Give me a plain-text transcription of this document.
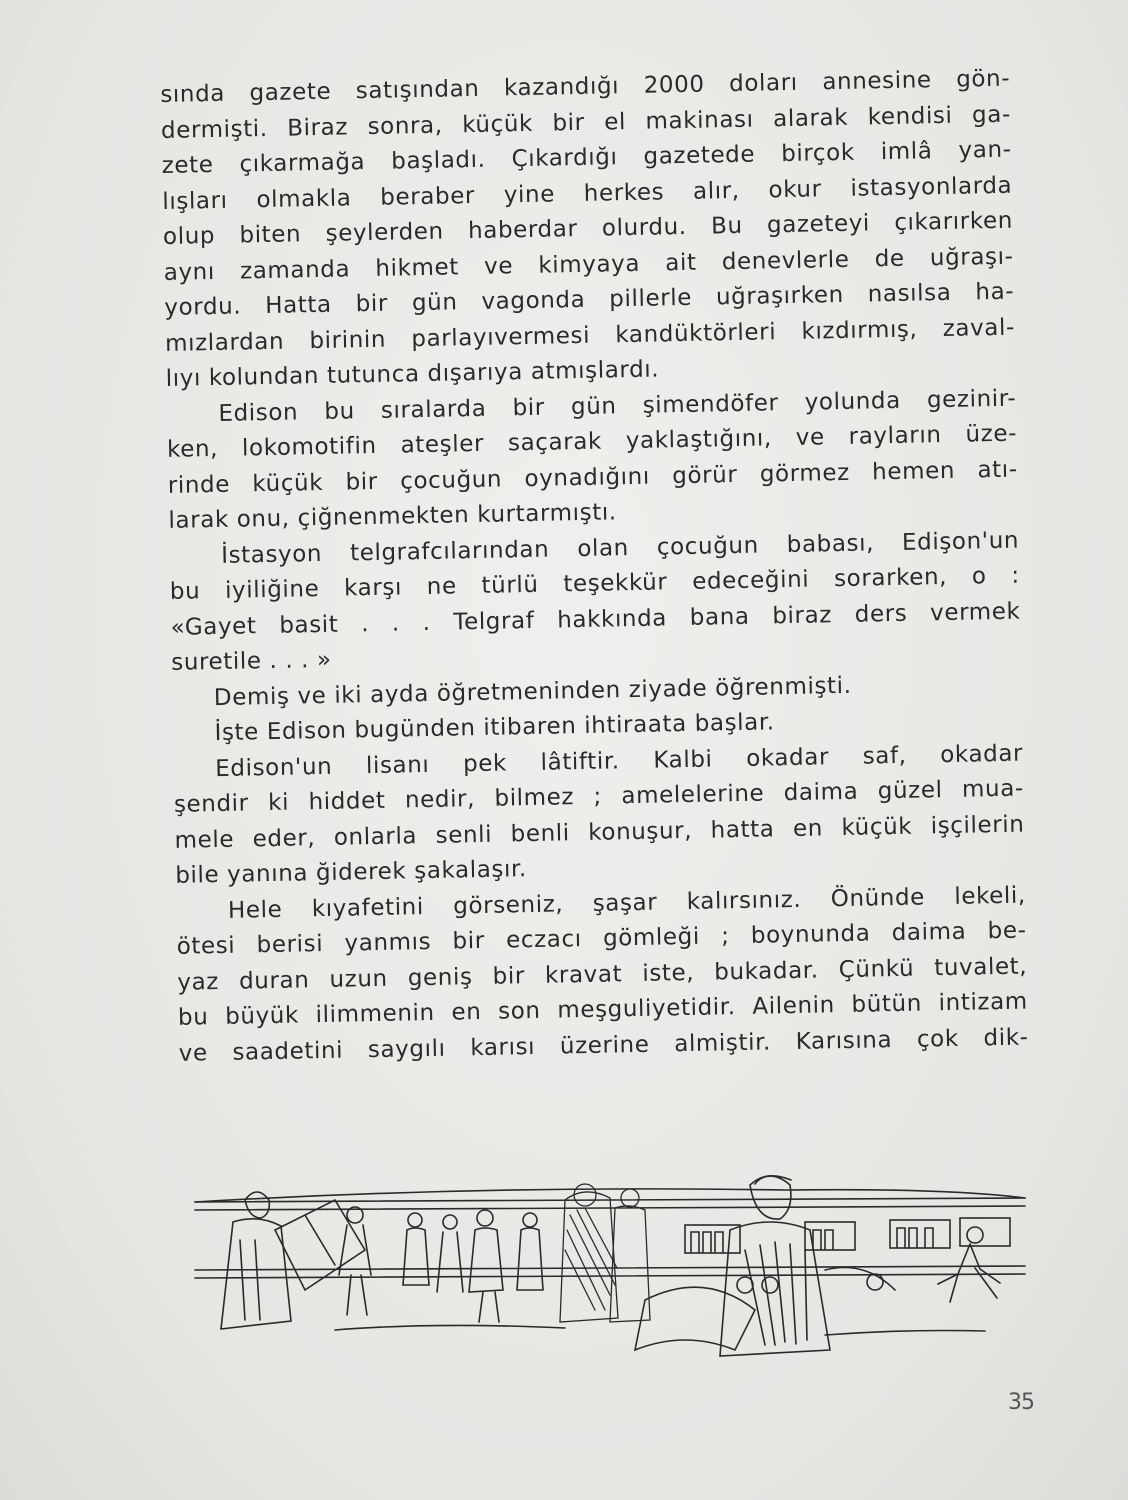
sında gazete satışından kazandığı 2000 doları annesine gön-
dermişti. Biraz sonra, küçük bir el makinası alarak kendisi ga-
zete çıkarmağa başladı. Çıkardığı gazetede birçok imlâ yan-
lışları olmakla beraber yine herkes alır, okur istasyonlarda
olup biten şeylerden haberdar olurdu. Bu gazeteyi çıkarırken
aynı zamanda hikmet ve kimyaya ait denevlerle de uğraşı-
yordu. Hatta bir gün vagonda pillerle uğraşırken nasılsa ha-
mızlardan birinin parlayıvermesi kandüktörleri kızdırmış, zaval-
lıyı kolundan tutunca dışarıya atmışlardı.
Edison bu sıralarda bir gün şimendöfer yolunda gezinir-
ken, lokomotifin ateşler saçarak yaklaştığını, ve rayların üze-
rinde küçük bir çocuğun oynadığını görür görmez hemen atı-
larak onu, çiğnenmekten kurtarmıştı.
İstasyon telgrafcılarından olan çocuğun babası, Edişon'un
bu iyiliğine karşı ne türlü teşekkür edeceğini sorarken, o :
«Gayet basit . . . Telgraf hakkında bana biraz ders vermek
suretile . . . »
Demiş ve iki ayda öğretmeninden ziyade öğrenmişti.
İşte Edison bugünden itibaren ihtiraata başlar.
Edison'un lisanı pek lâtiftir. Kalbi okadar saf, okadar
şendir ki hiddet nedir, bilmez ; amelelerine daima güzel mua-
mele eder, onlarla senli benli konuşur, hatta en küçük işçilerin
bile yanına ğiderek şakalaşır.
Hele kıyafetini görseniz, şaşar kalırsınız. Önünde lekeli,
ötesi berisi yanmıs bir eczacı gömleği ; boynunda daima be-
yaz duran uzun geniş bir kravat iste, bukadar. Çünkü tuvalet,
bu büyük ilimmenin en son meşguliyetidir. Ailenin bütün intizam
ve saadetini saygılı karısı üzerine almiştir. Karısına çok dik-
35
